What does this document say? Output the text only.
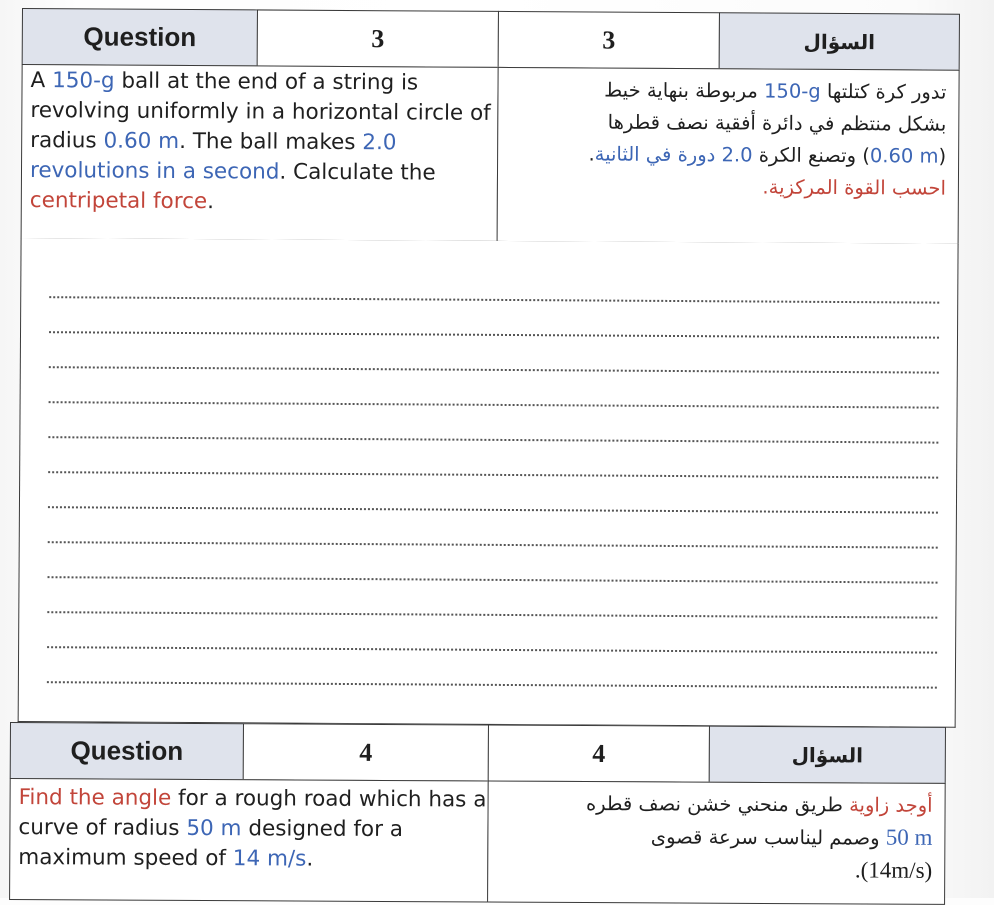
Question	3	3	السؤال

A 150-g ball at the end of a string is revolving uniformly in a horizontal circle of radius 0.60 m. The ball makes 2.0 revolutions in a second. Calculate the centripetal force.

تدور كرة كتلتها 150-g مربوطة بنهاية خيط
بشكل منتظم في دائرة أفقية نصف قطرها
(0.60 m) وتصنع الكرة 2.0 دورة في الثانية.
احسب القوة المركزية.
Question	4	4	السؤال

Find the angle for a rough road which has a curve of radius 50 m designed for a maximum speed of 14 m/s.

أوجد زاوية طريق منحني خشن نصف قطره
50 m وصمم ليناسب سرعة قصوى
.(14m/s)
